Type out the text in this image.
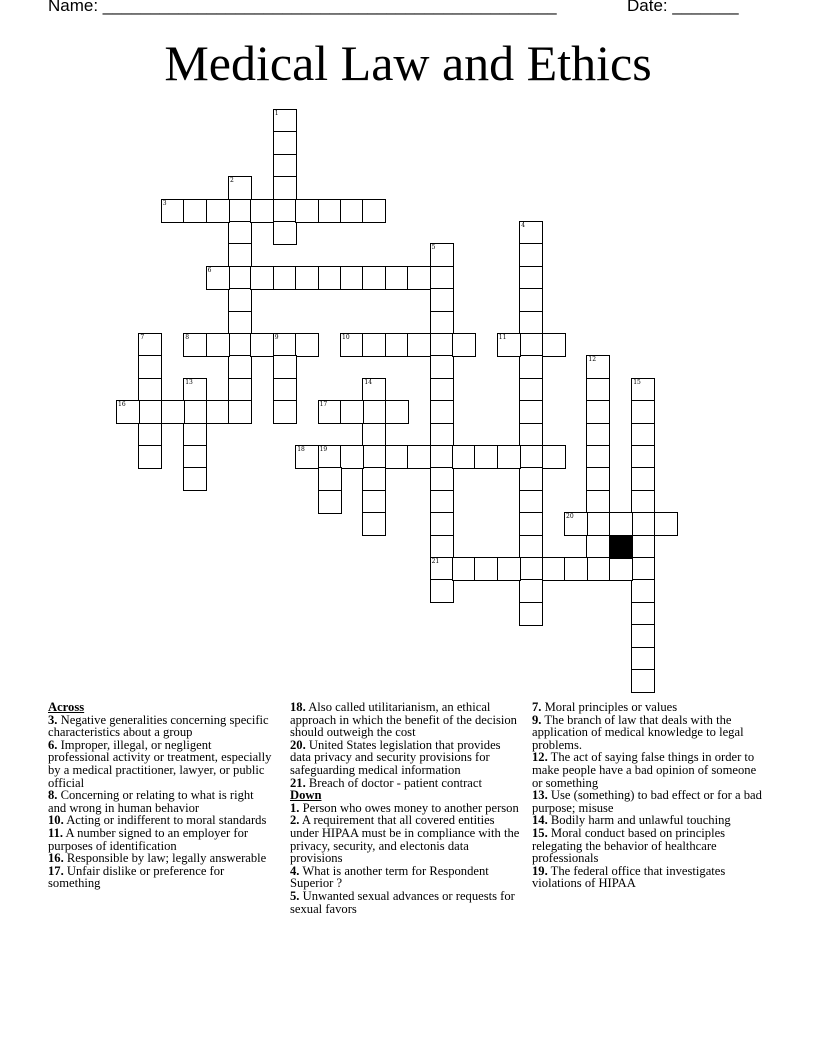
Name: ________________________________________________	Date: _______
Medical Law and Ethics
1
2
3
4
5
6
7	8	9	10	11
12
13	14	15
16	17
18 19
20
21
Across
3. Negative generalities concerning specific characteristics about a group
6. Improper, illegal, or negligent professional activity or treatment, especially by a medical practitioner, lawyer, or public official
8. Concerning or relating to what is right and wrong in human behavior
10. Acting or indifferent to moral standards
11. A number signed to an employer for purposes of identification
16. Responsible by law; legally answerable
17. Unfair dislike or preference for something
18. Also called utilitarianism, an ethical approach in which the benefit of the decision should outweigh the cost
20. United States legislation that provides data privacy and security provisions for safeguarding medical information
21. Breach of doctor - patient contract
Down
1. Person who owes money to another person
2. A requirement that all covered entities under HIPAA must be in compliance with the privacy, security, and electonis data provisions
4. What is another term for Respondent Superior ?
5. Unwanted sexual advances or requests for sexual favors
7. Moral principles or values
9. The branch of law that deals with the application of medical knowledge to legal problems.
12. The act of saying false things in order to make people have a bad opinion of someone or something
13. Use (something) to bad effect or for a bad purpose; misuse
14. Bodily harm and unlawful touching
15. Moral conduct based on principles relegating the behavior of healthcare professionals
19. The federal office that investigates violations of HIPAA
